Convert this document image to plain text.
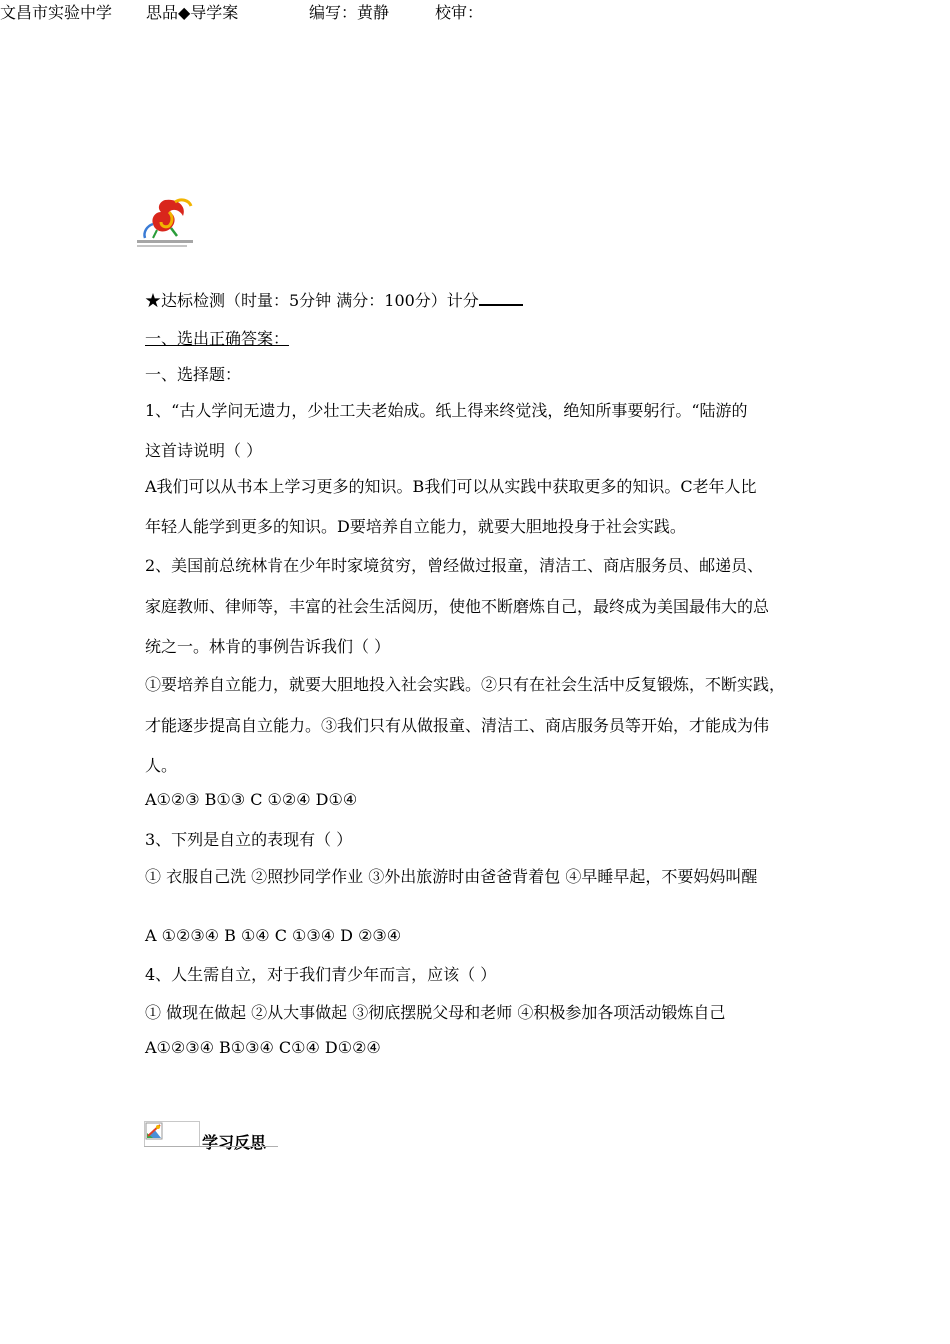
文昌市实验中学 思品◆导学案	编写：黄静	校审：
★达标检测（时量：5分钟 满分：100分）计分
一、选出正确答案：
一、选择题：
1、“古人学问无遗力，少壮工夫老始成。纸上得来终觉浅，绝知所事要躬行。“陆游的
这首诗说明（ ）
A我们可以从书本上学习更多的知识。B我们可以从实践中获取更多的知识。C老年人比
年轻人能学到更多的知识。D要培养自立能力，就要大胆地投身于社会实践。
2、美国前总统林肯在少年时家境贫穷，曾经做过报童，清洁工、商店服务员、邮递员、
家庭教师、律师等，丰富的社会生活阅历，使他不断磨炼自己，最终成为美国最伟大的总
统之一。林肯的事例告诉我们（ ）
①要培养自立能力，就要大胆地投入社会实践。②只有在社会生活中反复锻炼，不断实践，
才能逐步提高自立能力。③我们只有从做报童、清洁工、商店服务员等开始，才能成为伟
人。
A①②③ B①③ C ①②④ D①④
3、下列是自立的表现有（ ）
① 衣服自己洗 ②照抄同学作业 ③外出旅游时由爸爸背着包 ④早睡早起，不要妈妈叫醒
A ①②③④ B ①④ C ①③④ D ②③④
4、人生需自立，对于我们青少年而言，应该（ ）
① 做现在做起 ②从大事做起 ③彻底摆脱父母和老师 ④积极参加各项活动锻炼自己
A①②③④ B①③④ C①④ D①②④
学习反思
